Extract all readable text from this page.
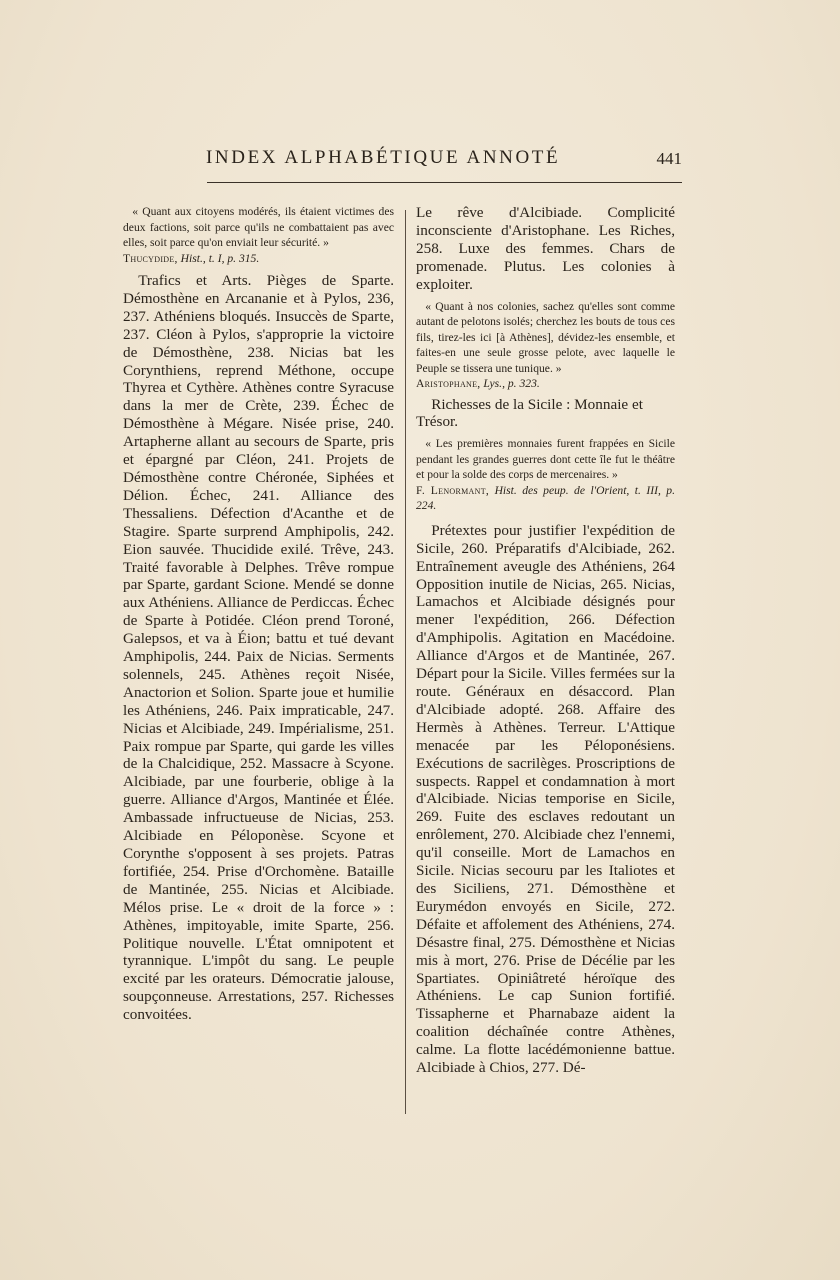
INDEX ALPHABÉTIQUE ANNOTÉ	441
« Quant aux citoyens modérés, ils étaient victimes des deux factions, soit parce qu'ils ne combattaient pas avec elles, soit parce qu'on enviait leur sécurité. »
Thucydide, Hist., t. I, p. 315.

Trafics et Arts. Pièges de Sparte. Démosthène en Arcananie et à Pylos, 236, 237. Athéniens bloqués. Insuccès de Sparte, 237. Cléon à Pylos, s'approprie la victoire de Démosthène, 238. Nicias bat les Corynthiens, reprend Méthone, occupe Thyrea et Cythère. Athènes contre Syracuse dans la mer de Crète, 239. Échec de Démosthène à Mégare. Nisée prise, 240. Artapherne allant au secours de Sparte, pris et épargné par Cléon, 241. Projets de Démosthène contre Chéronée, Siphées et Délion. Échec, 241. Alliance des Thessaliens. Défection d'Acanthe et de Stagire. Sparte surprend Amphipolis, 242. Eion sauvée. Thucidide exilé. Trêve, 243. Traité favorable à Delphes. Trêve rompue par Sparte, gardant Scione. Mendé se donne aux Athéniens. Alliance de Perdiccas. Échec de Sparte à Potidée. Cléon prend Toroné, Galepsos, et va à Éion; battu et tué devant Amphipolis, 244. Paix de Nicias. Serments solennels, 245. Athènes reçoit Nisée, Anactorion et Solion. Sparte joue et humilie les Athéniens, 246. Paix impraticable, 247. Nicias et Alcibiade, 249. Impérialisme, 251. Paix rompue par Sparte, qui garde les villes de la Chalcidique, 252. Massacre à Scyone. Alcibiade, par une fourberie, oblige à la guerre. Alliance d'Argos, Mantinée et Élée. Ambassade infructueuse de Nicias, 253. Alcibiade en Péloponèse. Scyone et Corynthe s'opposent à ses projets. Patras fortifiée, 254. Prise d'Orchomène. Bataille de Mantinée, 255. Nicias et Alcibiade. Mélos prise. Le « droit de la force » : Athènes, impitoyable, imite Sparte, 256. Politique nouvelle. L'État omnipotent et tyrannique. L'impôt du sang. Le peuple excité par les orateurs. Démocratie jalouse, soupçonneuse. Arrestations, 257. Richesses convoitées.

Le rêve d'Alcibiade. Complicité inconsciente d'Aristophane. Les Riches, 258. Luxe des femmes. Chars de promenade. Plutus. Les colonies à exploiter.

« Quant à nos colonies, sachez qu'elles sont comme autant de pelotons isolés; cherchez les bouts de tous ces fils, tirez-les ici [à Athènes], dévidez-les ensemble, et faites-en une seule grosse pelote, avec laquelle le Peuple se tissera une tunique. »
Aristophane, Lys., p. 323.

Richesses de la Sicile : Monnaie et Trésor.

« Les premières monnaies furent frappées en Sicile pendant les grandes guerres dont cette île fut le théâtre et pour la solde des corps de mercenaires. »
F. Lenormant, Hist. des peup. de l'Orient, t. III, p. 224.

Prétextes pour justifier l'expédition de Sicile, 260. Préparatifs d'Alcibiade, 262. Entraînement aveugle des Athéniens, 264 Opposition inutile de Nicias, 265. Nicias, Lamachos et Alcibiade désignés pour mener l'expédition, 266. Défection d'Amphipolis. Agitation en Macédoine. Alliance d'Argos et de Mantinée, 267. Départ pour la Sicile. Villes fermées sur la route. Généraux en désaccord. Plan d'Alcibiade adopté. 268. Affaire des Hermès à Athènes. Terreur. L'Attique menacée par les Péloponésiens. Exécutions de sacrilèges. Proscriptions de suspects. Rappel et condamnation à mort d'Alcibiade. Nicias temporise en Sicile, 269. Fuite des esclaves redoutant un enrôlement, 270. Alcibiade chez l'ennemi, qu'il conseille. Mort de Lamachos en Sicile. Nicias secouru par les Italiotes et des Siciliens, 271. Démosthène et Eurymédon envoyés en Sicile, 272. Défaite et affolement des Athéniens, 274. Désastre final, 275. Démosthène et Nicias mis à mort, 276. Prise de Décélie par les Spartiates. Opiniâtreté héroïque des Athéniens. Le cap Sunion fortifié. Tissapherne et Pharnabaze aident la coalition déchaînée contre Athènes, calme. La flotte lacédémonienne battue. Alcibiade à Chios, 277. Dé-
